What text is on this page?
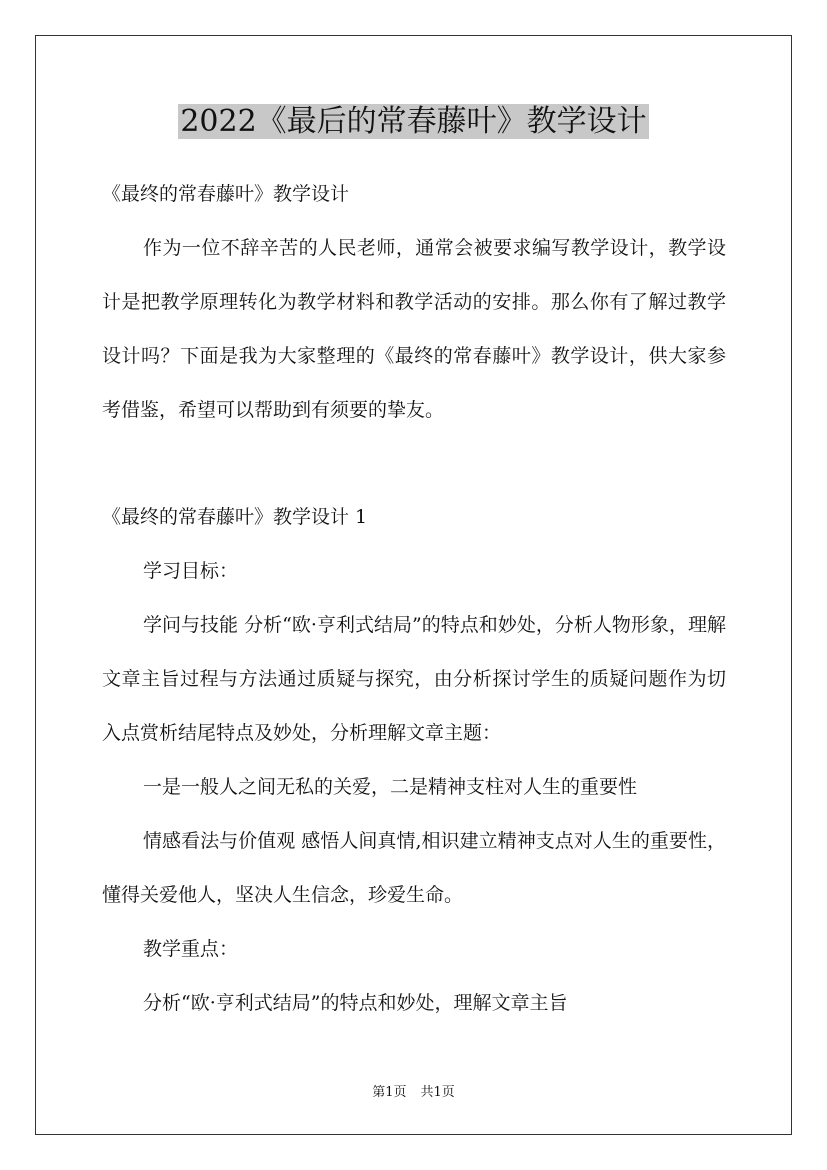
2022《最后的常春藤叶》教学设计

《最终的常春藤叶》教学设计

作为一位不辞辛苦的人民老师，通常会被要求编写教学设计，教学设计是把教学原理转化为教学材料和教学活动的安排。那么你有了解过教学设计吗？下面是我为大家整理的《最终的常春藤叶》教学设计，供大家参考借鉴，希望可以帮助到有须要的挚友。

《最终的常春藤叶》教学设计 1

学习目标：

学问与技能 分析“欧·亨利式结局”的特点和妙处，分析人物形象，理解文章主旨过程与方法通过质疑与探究，由分析探讨学生的质疑问题作为切入点赏析结尾特点及妙处，分析理解文章主题：

一是一般人之间无私的关爱，二是精神支柱对人生的重要性

情感看法与价值观 感悟人间真情,相识建立精神支点对人生的重要性，懂得关爱他人，坚决人生信念，珍爱生命。

教学重点：

分析“欧·亨利式结局”的特点和妙处，理解文章主旨

第1页 共1页
